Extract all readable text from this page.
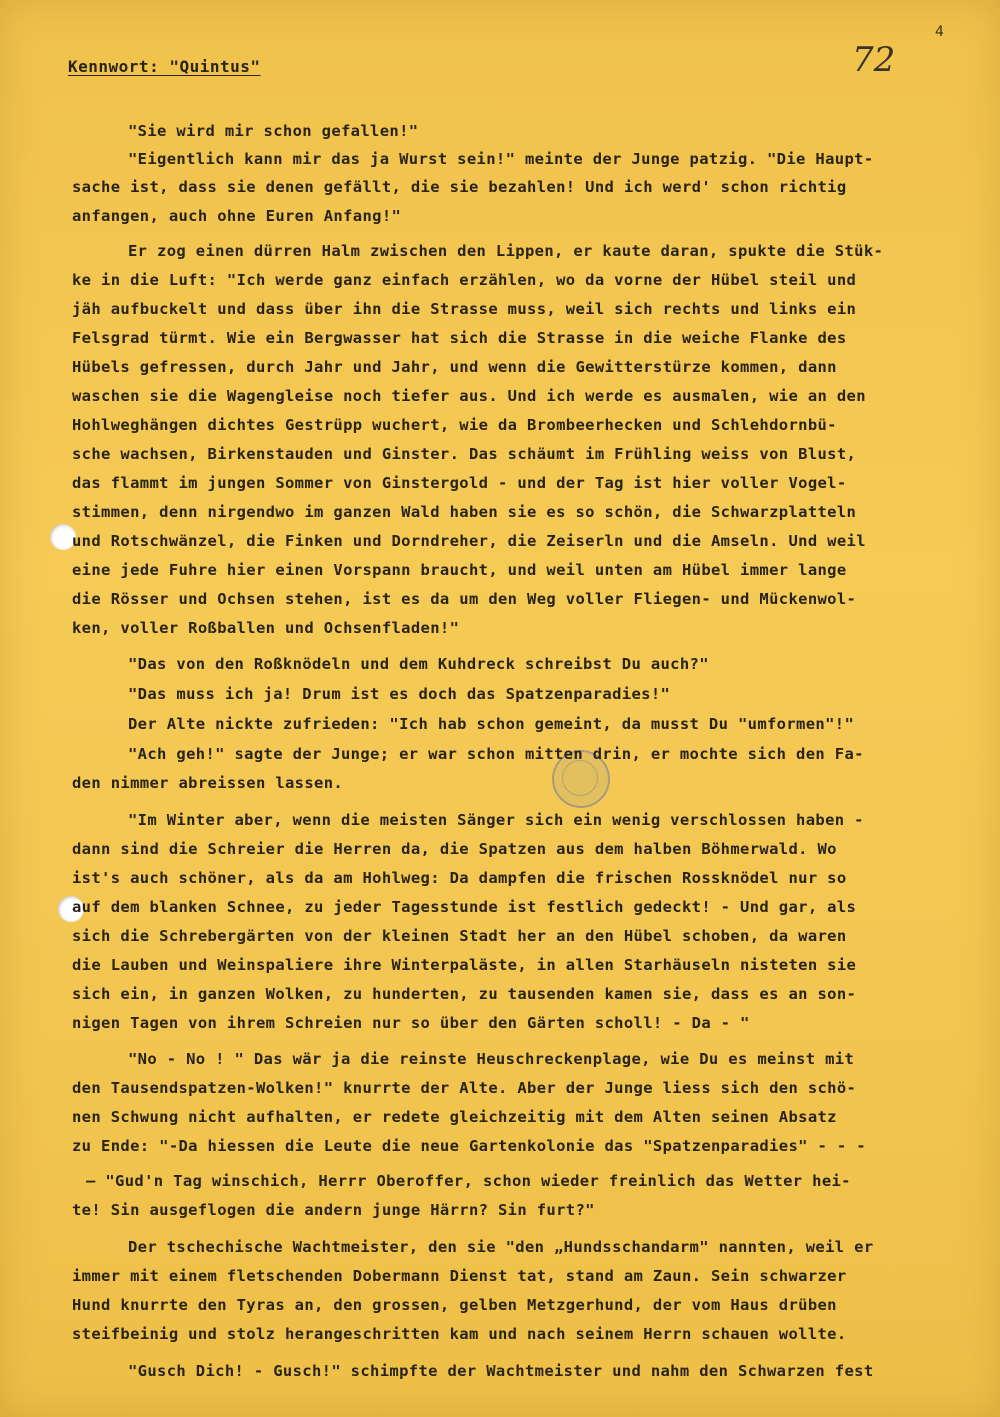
Kennwort: "Quintus"	72
4
"Sie wird mir schon gefallen!"
"Eigentlich kann mir das ja Wurst sein!" meinte der Junge patzig. "Die Haupt-
sache ist, dass sie denen gefällt, die sie bezahlen! Und ich werd' schon richtig
anfangen, auch ohne Euren Anfang!"
Er zog einen dürren Halm zwischen den Lippen, er kaute daran, spukte die Stük-
ke in die Luft: "Ich werde ganz einfach erzählen, wo da vorne der Hübel steil und
jäh aufbuckelt und dass über ihn die Strasse muss, weil sich rechts und links ein
Felsgrad türmt. Wie ein Bergwasser hat sich die Strasse in die weiche Flanke des
Hübels gefressen, durch Jahr und Jahr, und wenn die Gewitterstürze kommen, dann
waschen sie die Wagengleise noch tiefer aus. Und ich werde es ausmalen, wie an den
Hohlweghängen dichtes Gestrüpp wuchert, wie da Brombeerhecken und Schlehdornbü-
sche wachsen, Birkenstauden und Ginster. Das schäumt im Frühling weiss von Blust,
das flammt im jungen Sommer von Ginstergold - und der Tag ist hier voller Vogel-
stimmen, denn nirgendwo im ganzen Wald haben sie es so schön, die Schwarzplatteln
und Rotschwänzel, die Finken und Dorndreher, die Zeiserln und die Amseln. Und weil
eine jede Fuhre hier einen Vorspann braucht, und weil unten am Hübel immer lange
die Rösser und Ochsen stehen, ist es da um den Weg voller Fliegen- und Mückenwol-
ken, voller Roßballen und Ochsenfladen!"
"Das von den Roßknödeln und dem Kuhdreck schreibst Du auch?"
"Das muss ich ja! Drum ist es doch das Spatzenparadies!"
Der Alte nickte zufrieden: "Ich hab schon gemeint, da musst Du "umformen"!"
"Ach geh!" sagte der Junge; er war schon mitten drin, er mochte sich den Fa-
den nimmer abreissen lassen.
"Im Winter aber, wenn die meisten Sänger sich ein wenig verschlossen haben -
dann sind die Schreier die Herren da, die Spatzen aus dem halben Böhmerwald. Wo
ist's auch schöner, als da am Hohlweg: Da dampfen die frischen Rossknödel nur so
auf dem blanken Schnee, zu jeder Tagesstunde ist festlich gedeckt! - Und gar, als
sich die Schrebergärten von der kleinen Stadt her an den Hübel schoben, da waren
die Lauben und Weinspaliere ihre Winterpaläste, in allen Starhäuseln nisteten sie
sich ein, in ganzen Wolken, zu hunderten, zu tausenden kamen sie, dass es an son-
nigen Tagen von ihrem Schreien nur so über den Gärten scholl! - Da - "
"No - No ! " Das wär ja die reinste Heuschreckenplage, wie Du es meinst mit
den Tausendspatzen-Wolken!" knurrte der Alte. Aber der Junge liess sich den schö-
nen Schwung nicht aufhalten, er redete gleichzeitig mit dem Alten seinen Absatz
zu Ende: "-Da hiessen die Leute die neue Gartenkolonie das "Spatzenparadies" - - -
— "Gud'n Tag winschich, Herrr Oberoffer, schon wieder freinlich das Wetter hei-
te! Sin ausgeflogen die andern junge Härrn? Sin furt?"
Der tschechische Wachtmeister, den sie "den „Hundsschandarm" nannten, weil er
immer mit einem fletschenden Dobermann Dienst tat, stand am Zaun. Sein schwarzer
Hund knurrte den Tyras an, den grossen, gelben Metzgerhund, der vom Haus drüben
steifbeinig und stolz herangeschritten kam und nach seinem Herrn schauen wollte.
"Gusch Dich! - Gusch!" schimpfte der Wachtmeister und nahm den Schwarzen fest
